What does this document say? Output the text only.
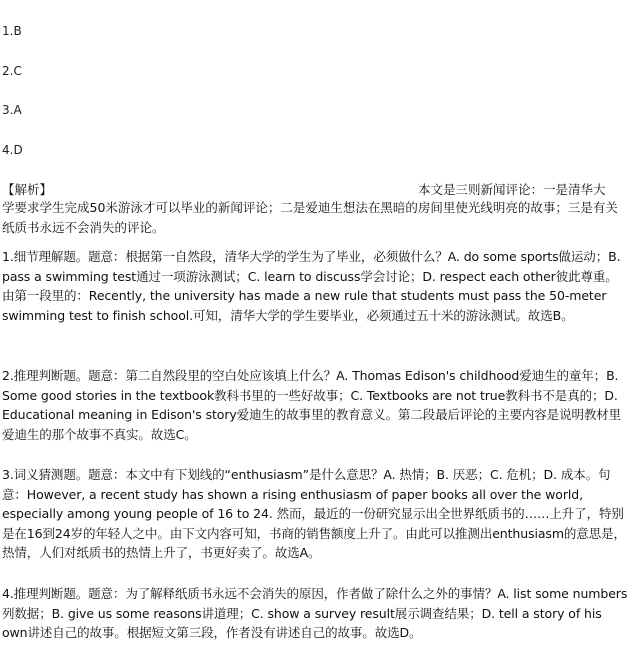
1.B
2.C
3.A
4.D
【解析】	本文是三则新闻评论：一是清华大
学要求学生完成50米游泳才可以毕业的新闻评论；二是爱迪生想法在黑暗的房间里使光线明亮的故事；三是有关纸质书永远不会消失的评论。
1.细节理解题。题意：根据第一自然段，清华大学的学生为了毕业，必须做什么？A. do some sports做运动；B. pass a swimming test通过一项游泳测试；C. learn to discuss学会讨论；D. respect each other彼此尊重。由第一段里的：Recently, the university has made a new rule that students must pass the 50-meter swimming test to finish school.可知，清华大学的学生要毕业，必须通过五十米的游泳测试。故选B。
2.推理判断题。题意：第二自然段里的空白处应该填上什么？A. Thomas Edison's childhood爱迪生的童年；B. Some good stories in the textbook教科书里的一些好故事；C. Textbooks are not true教科书不是真的；D. Educational meaning in Edison's story爱迪生的故事里的教育意义。第二段最后评论的主要内容是说明教材里爱迪生的那个故事不真实。故选C。
3.词义猜测题。题意：本文中有下划线的“enthusiasm”是什么意思？A. 热情；B. 厌恶；C. 危机；D. 成本。句意：However, a recent study has shown a rising enthusiasm of paper books all over the world, especially among young people of 16 to 24. 然而，最近的一份研究显示出全世界纸质书的……上升了，特别是在16到24岁的年轻人之中。由下文内容可知，书商的销售额度上升了。由此可以推测出enthusiasm的意思是，热情，人们对纸质书的热情上升了，书更好卖了。故选A。
4.推理判断题。题意：为了解释纸质书永远不会消失的原因，作者做了除什么之外的事情？A. list some numbers列数据；B. give us some reasons讲道理；C. show a survey result展示调查结果；D. tell a story of his own讲述自己的故事。根据短文第三段，作者没有讲述自己的故事。故选D。
